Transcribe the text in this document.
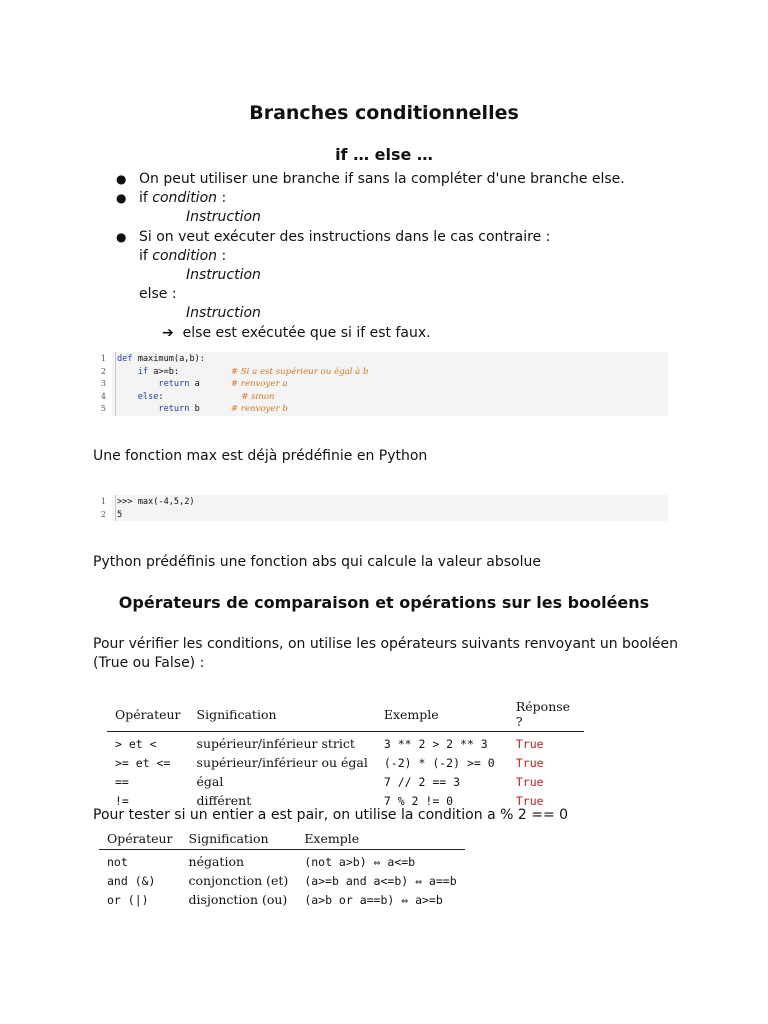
Branches conditionnelles
if … else …
● On peut utiliser une branche if sans la compléter d'une branche else.
● if condition :
Instruction
● Si on veut exécuter des instructions dans le cas contraire :
if condition :
Instruction
else :
Instruction
➔ else est exécutée que si if est faux.
1 def maximum(a,b):
2	if a>=b:          # Si a est supérieur ou égal à b
3	return a      # renvoyer a
4	else:               # sinon
5	return b      # renvoyer b
Une fonction max est déjà prédéfinie en Python
1 >>> max(-4,5,2)
2 5
Python prédéfinis une fonction abs qui calcule la valeur absolue
Opérateurs de comparaison et opérations sur les booléens
Pour vérifier les conditions, on utilise les opérateurs suivants renvoyant un booléen
(True ou False) :
Opérateur	Signification	Exemple	Réponse ?
> et <	supérieur/inférieur strict	3 ** 2 > 2 ** 3	True
>= et <=	supérieur/inférieur ou égal	(-2) * (-2) >= 0	True
==	égal	7 // 2 == 3	True
!=	différent	7 % 2 != 0	True
Pour tester si un entier a est pair, on utilise la condition a % 2 == 0
Opérateur	Signification	Exemple
not	négation	(not a>b) ⇔ a<=b
and (&)	conjonction (et)	(a>=b and a<=b) ⇔ a==b
or (|)	disjonction (ou)	(a>b or a==b) ⇔ a>=b
